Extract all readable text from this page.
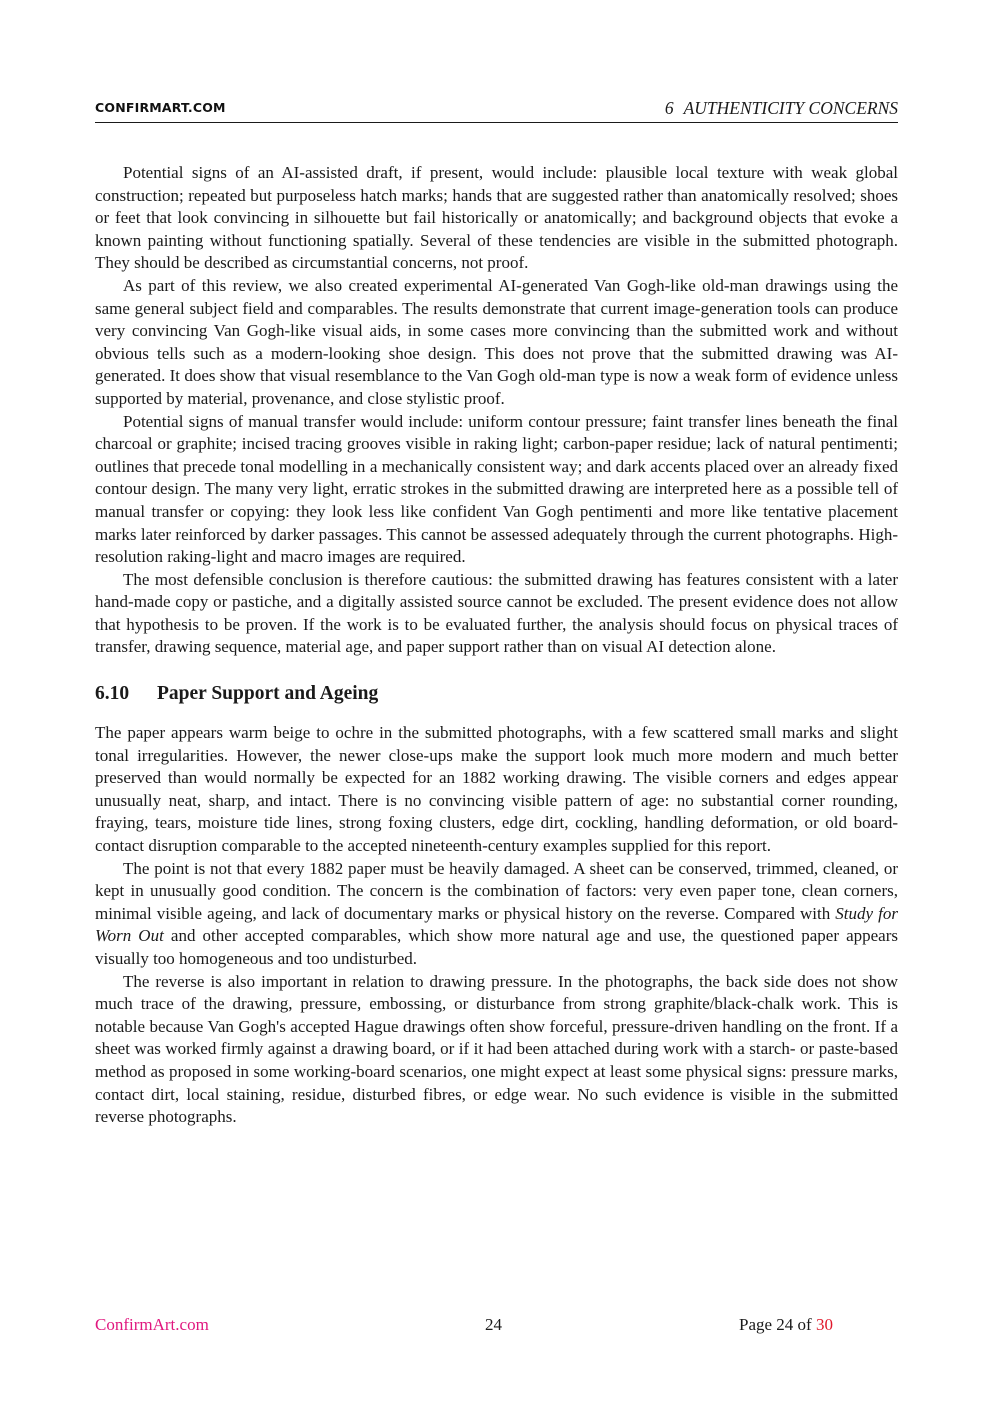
CONFIRMART.COM	6 AUTHENTICITY CONCERNS

Potential signs of an AI-assisted draft, if present, would include: plausible local texture with weak global construction; repeated but purposeless hatch marks; hands that are suggested rather than anatomically resolved; shoes or feet that look convincing in silhouette but fail historically or anatomically; and background objects that evoke a known painting without functioning spatially. Several of these tendencies are visible in the submitted photograph. They should be described as circumstantial concerns, not proof.

As part of this review, we also created experimental AI-generated Van Gogh-like old-man drawings using the same general subject field and comparables. The results demonstrate that current image-generation tools can produce very convincing Van Gogh-like visual aids, in some cases more convincing than the submitted work and without obvious tells such as a modern-looking shoe design. This does not prove that the submitted drawing was AI-generated. It does show that visual resemblance to the Van Gogh old-man type is now a weak form of evidence unless supported by material, provenance, and close stylistic proof.

Potential signs of manual transfer would include: uniform contour pressure; faint transfer lines beneath the final charcoal or graphite; incised tracing grooves visible in raking light; carbon-paper residue; lack of natural pentimenti; outlines that precede tonal modelling in a mechanically consistent way; and dark accents placed over an already fixed contour design. The many very light, erratic strokes in the submitted drawing are interpreted here as a possible tell of manual transfer or copying: they look less like confident Van Gogh pentimenti and more like tentative placement marks later reinforced by darker passages. This cannot be assessed adequately through the current photographs. High-resolution raking-light and macro images are required.

The most defensible conclusion is therefore cautious: the submitted drawing has features consistent with a later hand-made copy or pastiche, and a digitally assisted source cannot be excluded. The present evidence does not allow that hypothesis to be proven. If the work is to be evaluated further, the analysis should focus on physical traces of transfer, drawing sequence, material age, and paper support rather than on visual AI detection alone.

6.10 Paper Support and Ageing

The paper appears warm beige to ochre in the submitted photographs, with a few scattered small marks and slight tonal irregularities. However, the newer close-ups make the support look much more modern and much better preserved than would normally be expected for an 1882 working drawing. The visible corners and edges appear unusually neat, sharp, and intact. There is no convincing visible pattern of age: no substantial corner rounding, fraying, tears, moisture tide lines, strong foxing clusters, edge dirt, cockling, handling deformation, or old board-contact disruption comparable to the accepted nineteenth-century examples supplied for this report.

The point is not that every 1882 paper must be heavily damaged. A sheet can be conserved, trimmed, cleaned, or kept in unusually good condition. The concern is the combination of factors: very even paper tone, clean corners, minimal visible ageing, and lack of documentary marks or physical history on the reverse. Compared with Study for Worn Out and other accepted comparables, which show more natural age and use, the questioned paper appears visually too homogeneous and too undisturbed.

The reverse is also important in relation to drawing pressure. In the photographs, the back side does not show much trace of the drawing, pressure, embossing, or disturbance from strong graphite/black-chalk work. This is notable because Van Gogh's accepted Hague drawings often show forceful, pressure-driven handling on the front. If a sheet was worked firmly against a drawing board, or if it had been attached during work with a starch- or paste-based method as proposed in some working-board scenarios, one might expect at least some physical signs: pressure marks, contact dirt, local staining, residue, disturbed fibres, or edge wear. No such evidence is visible in the submitted reverse photographs.

ConfirmArt.com	24	Page 24 of 30
